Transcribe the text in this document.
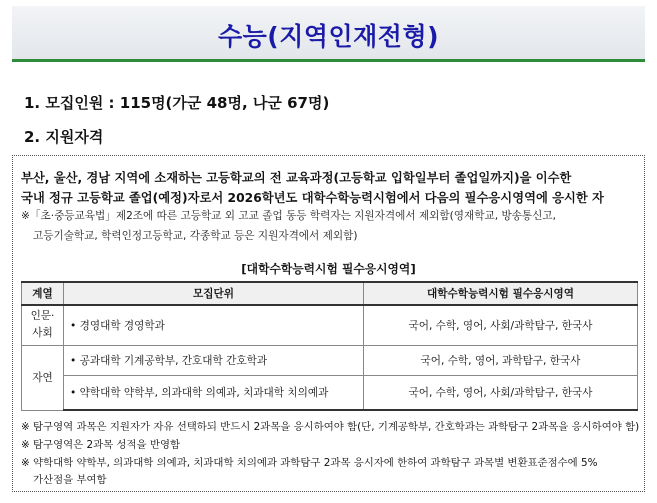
수능(지역인재전형)
1. 모집인원 : 115명(가군 48명, 나군 67명)
2. 지원자격
부산, 울산, 경남 지역에 소재하는 고등학교의 전 교육과정(고등학교 입학일부터 졸업일까지)을 이수한
국내 정규 고등학교 졸업(예정)자로서 2026학년도 대학수학능력시험에서 다음의 필수응시영역에 응시한 자
※「초·중등교육법」제2조에 따른 고등학교 외 고교 졸업 동등 학력자는 지원자격에서 제외함(영재학교, 방송통신고,
고등기술학교, 학력인정고등학교, 각종학교 등은 지원자격에서 제외함)
[대학수학능력시험 필수응시영역]
계열	모집단위	대학수학능력시험 필수응시영역
인문·사회	• 경영대학 경영학과	국어, 수학, 영어, 사회/과학탐구, 한국사
자연	• 공과대학 기계공학부, 간호대학 간호학과	국어, 수학, 영어, 과학탐구, 한국사
	• 약학대학 약학부, 의과대학 의예과, 치과대학 치의예과	국어, 수학, 영어, 사회/과학탐구, 한국사
※ 탐구영역 과목은 지원자가 자유 선택하되 반드시 2과목을 응시하여야 함(단, 기계공학부, 간호학과는 과학탐구 2과목을 응시하여야 함)
※ 탐구영역은 2과목 성적을 반영함
※ 약학대학 약학부, 의과대학 의예과, 치과대학 치의예과 과학탐구 2과목 응시자에 한하여 과학탐구 과목별 변환표준점수에 5%
가산점을 부여함
